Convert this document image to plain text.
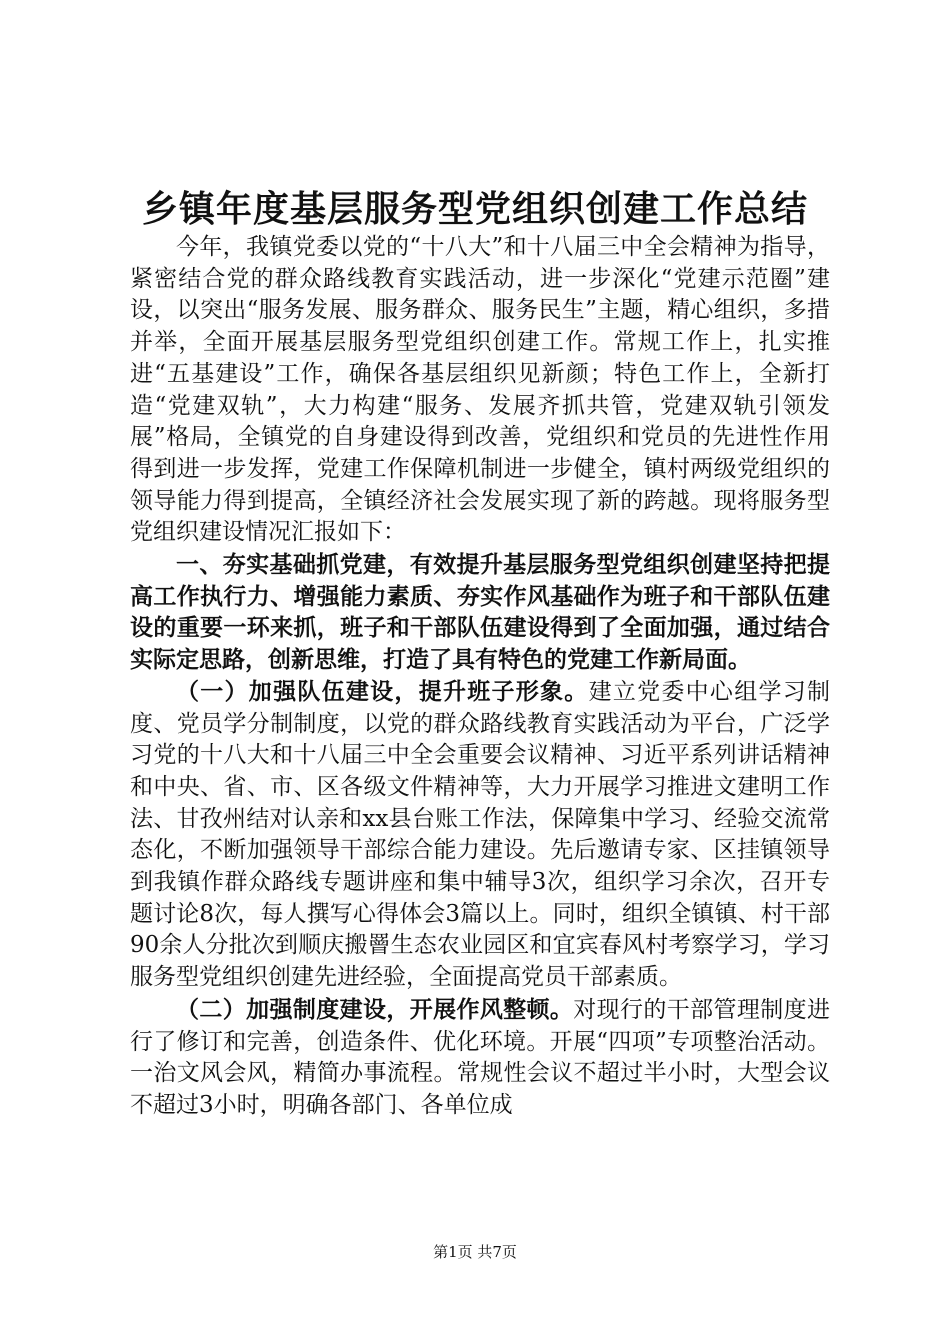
乡镇年度基层服务型党组织创建工作总结

今年，我镇党委以党的“十八大”和十八届三中全会精神为指导，紧密结合党的群众路线教育实践活动，进一步深化“党建示范圈”建设，以突出“服务发展、服务群众、服务民生”主题，精心组织，多措并举，全面开展基层服务型党组织创建工作。常规工作上，扎实推进“五基建设”工作，确保各基层组织见新颜；特色工作上，全新打造“党建双轨”，大力构建“服务、发展齐抓共管，党建双轨引领发展”格局，全镇党的自身建设得到改善，党组织和党员的先进性作用得到进一步发挥，党建工作保障机制进一步健全，镇村两级党组织的领导能力得到提高，全镇经济社会发展实现了新的跨越。现将服务型党组织建设情况汇报如下：

一、夯实基础抓党建，有效提升基层服务型党组织创建坚持把提高工作执行力、增强能力素质、夯实作风基础作为班子和干部队伍建设的重要一环来抓，班子和干部队伍建设得到了全面加强，通过结合实际定思路，创新思维，打造了具有特色的党建工作新局面。

（一）加强队伍建设，提升班子形象。建立党委中心组学习制度、党员学分制制度，以党的群众路线教育实践活动为平台，广泛学习党的十八大和十八届三中全会重要会议精神、习近平系列讲话精神和中央、省、市、区各级文件精神等，大力开展学习推进文建明工作法、甘孜州结对认亲和xx县台账工作法，保障集中学习、经验交流常态化，不断加强领导干部综合能力建设。先后邀请专家、区挂镇领导到我镇作群众路线专题讲座和集中辅导3次，组织学习余次，召开专题讨论8次，每人撰写心得体会3篇以上。同时，组织全镇镇、村干部90余人分批次到顺庆搬罾生态农业园区和宜宾春风村考察学习，学习服务型党组织创建先进经验，全面提高党员干部素质。

（二）加强制度建设，开展作风整顿。对现行的干部管理制度进行了修订和完善，创造条件、优化环境。开展“四项”专项整治活动。一治文风会风，精简办事流程。常规性会议不超过半小时，大型会议不超过3小时，明确各部门、各单位成

第1页 共7页
